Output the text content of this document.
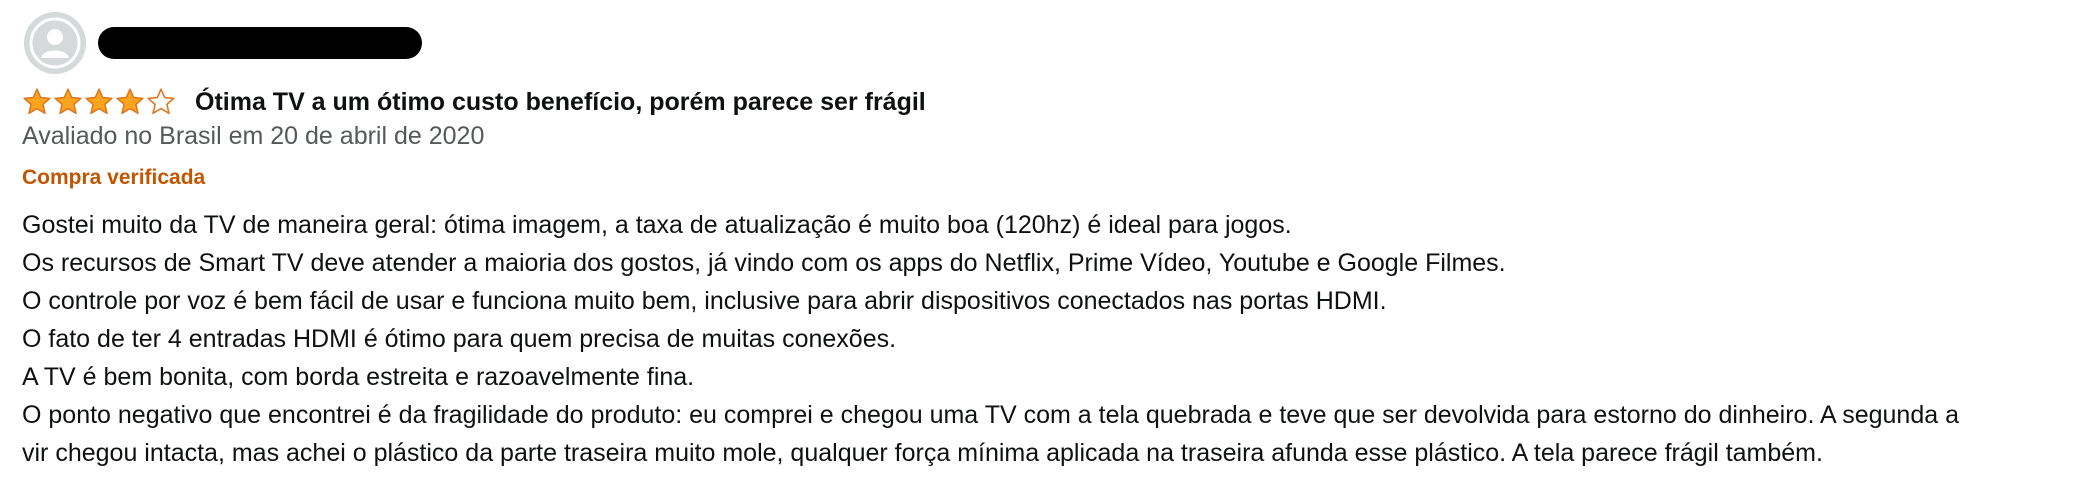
Ótima TV a um ótimo custo benefício, porém parece ser frágil
Avaliado no Brasil em 20 de abril de 2020
Compra verificada

Gostei muito da TV de maneira geral: ótima imagem, a taxa de atualização é muito boa (120hz) é ideal para jogos.

Os recursos de Smart TV deve atender a maioria dos gostos, já vindo com os apps do Netflix, Prime Vídeo, Youtube e Google Filmes.

O controle por voz é bem fácil de usar e funciona muito bem, inclusive para abrir dispositivos conectados nas portas HDMI.

O fato de ter 4 entradas HDMI é ótimo para quem precisa de muitas conexões.

A TV é bem bonita, com borda estreita e razoavelmente fina.

O ponto negativo que encontrei é da fragilidade do produto: eu comprei e chegou uma TV com a tela quebrada e teve que ser devolvida para estorno do dinheiro. A segunda a

vir chegou intacta, mas achei o plástico da parte traseira muito mole, qualquer força mínima aplicada na traseira afunda esse plástico. A tela parece frágil também.
